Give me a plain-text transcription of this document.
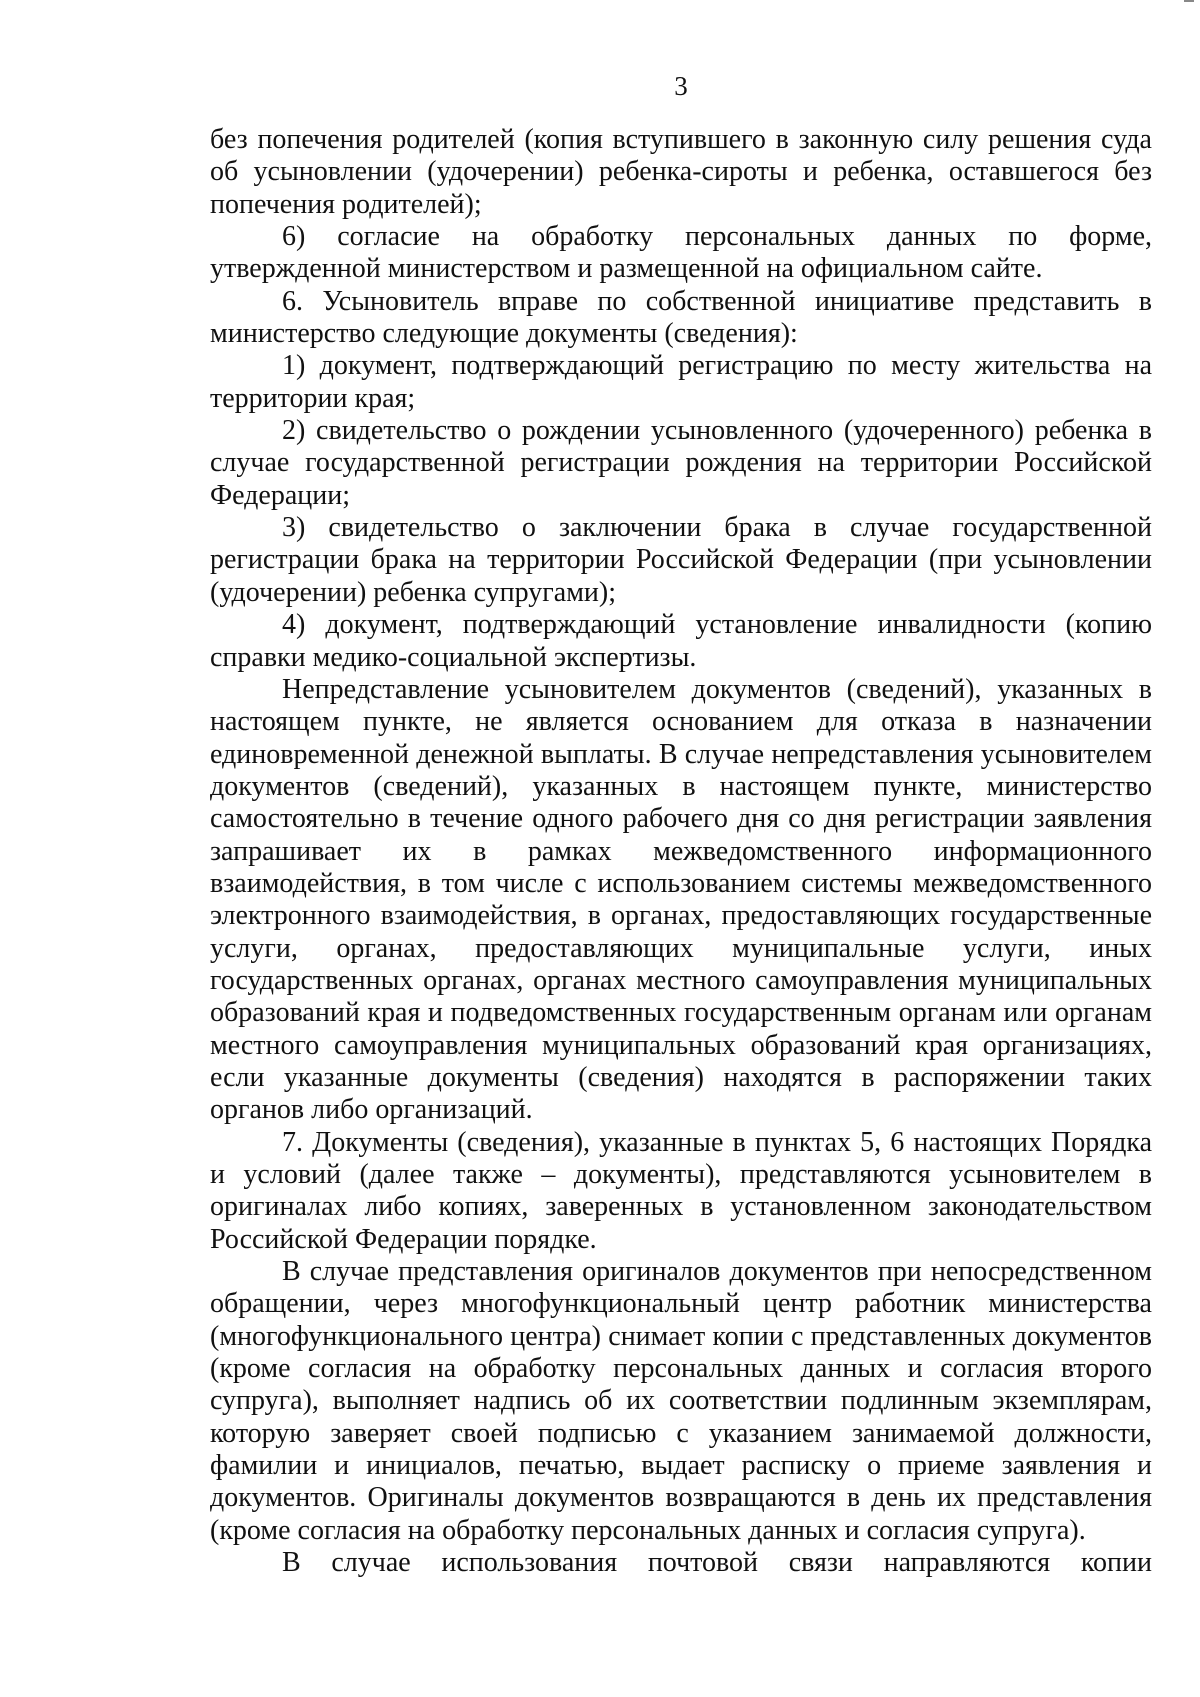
3

без попечения родителей (копия вступившего в законную силу решения суда об усыновлении (удочерении) ребенка-сироты и ребенка, оставшегося без попечения родителей);

6) согласие на обработку персональных данных по форме, утвержденной министерством и размещенной на официальном сайте.

6. Усыновитель вправе по собственной инициативе представить в министерство следующие документы (сведения):

1) документ, подтверждающий регистрацию по месту жительства на территории края;

2) свидетельство о рождении усыновленного (удочеренного) ребенка в случае государственной регистрации рождения на территории Российской Федерации;

3) свидетельство о заключении брака в случае государственной регистрации брака на территории Российской Федерации (при усыновлении (удочерении) ребенка супругами);

4) документ, подтверждающий установление инвалидности (копию справки медико-социальной экспертизы.

Непредставление усыновителем документов (сведений), указанных в настоящем пункте, не является основанием для отказа в назначении единовременной денежной выплаты. В случае непредставления усыновителем документов (сведений), указанных в настоящем пункте, министерство самостоятельно в течение одного рабочего дня со дня регистрации заявления запрашивает их в рамках межведомственного информационного взаимодействия, в том числе с использованием системы межведомственного электронного взаимодействия, в органах, предоставляющих государственные услуги, органах, предоставляющих муниципальные услуги, иных государственных органах, органах местного самоуправления муниципальных образований края и подведомственных государственным органам или органам местного самоуправления муниципальных образований края организациях, если указанные документы (сведения) находятся в распоряжении таких органов либо организаций.

7. Документы (сведения), указанные в пунктах 5, 6 настоящих Порядка и условий (далее также – документы), представляются усыновителем в оригиналах либо копиях, заверенных в установленном законодательством Российской Федерации порядке.

В случае представления оригиналов документов при непосредственном обращении, через многофункциональный центр работник министерства (многофункционального центра) снимает копии с представленных документов (кроме согласия на обработку персональных данных и согласия второго супруга), выполняет надпись об их соответствии подлинным экземплярам, которую заверяет своей подписью с указанием занимаемой должности, фамилии и инициалов, печатью, выдает расписку о приеме заявления и документов. Оригиналы документов возвращаются в день их представления (кроме согласия на обработку персональных данных и согласия супруга).

В случае использования почтовой связи направляются копии
